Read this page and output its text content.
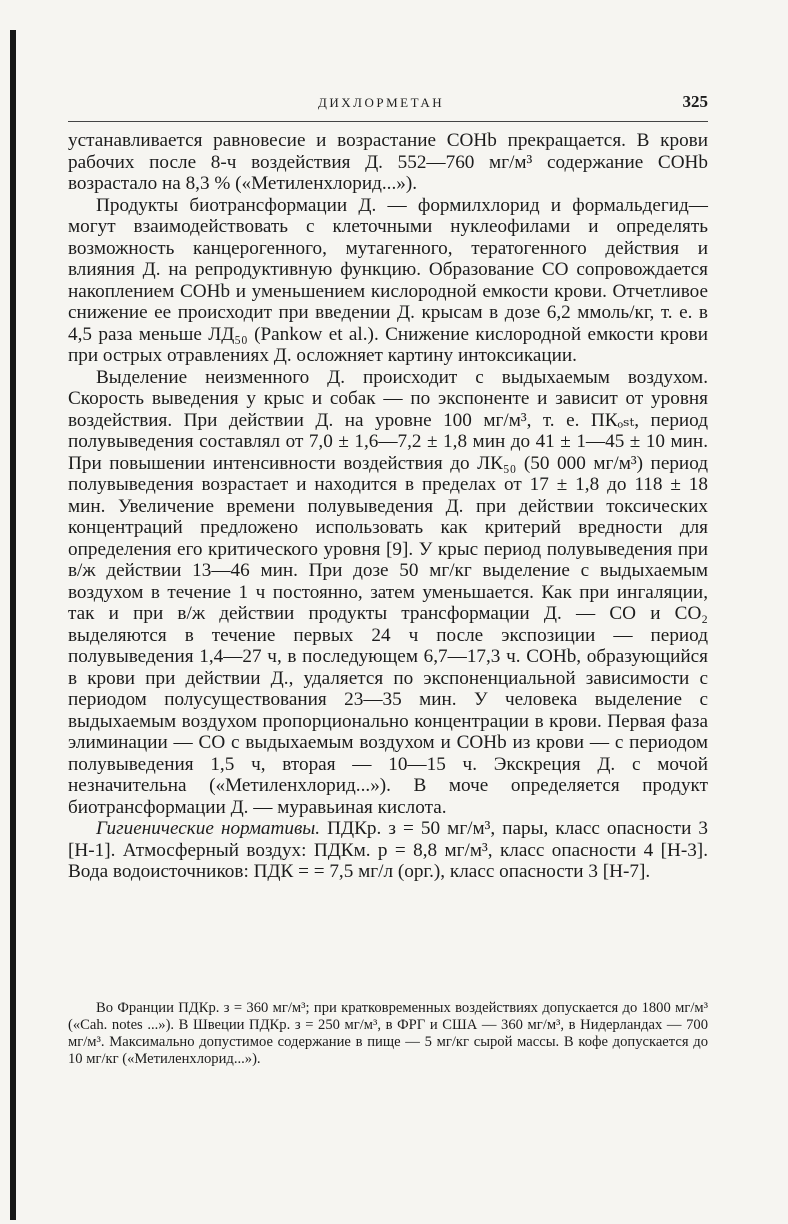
ДИХЛОРМЕТАН	325

устанавливается равновесие и возрастание COHb прекращается. В крови рабочих после 8-ч воздействия Д. 552—760 мг/м³ содержание COHb возрастало на 8,3 % («Метиленхлорид...»).

Продукты биотрансформации Д. — формилхлорид и формальдегид—могут взаимодействовать с клеточными нуклеофилами и определять возможность канцерогенного, мутагенного, тератогенного действия и влияния Д. на репродуктивную функцию. Образование CO сопровождается накоплением COHb и уменьшением кислородной емкости крови. Отчетливое снижение ее происходит при введении Д. крысам в дозе 6,2 ммоль/кг, т. е. в 4,5 раза меньше ЛД₅₀ (Pankow et al.). Снижение кислородной емкости крови при острых отравлениях Д. осложняет картину интоксикации.

Выделение неизменного Д. происходит с выдыхаемым воздухом. Скорость выведения у крыс и собак — по экспоненте и зависит от уровня воздействия. При действии Д. на уровне 100 мг/м³, т. е. ПКₒₛₜ, период полувыведения составлял от 7,0 ± 1,6—7,2 ± 1,8 мин до 41 ± 1—45 ± 10 мин. При повышении интенсивности воздействия до ЛК₅₀ (50 000 мг/м³) период полувыведения возрастает и находится в пределах от 17 ± 1,8 до 118 ± 18 мин. Увеличение времени полувыведения Д. при действии токсических концентраций предложено использовать как критерий вредности для определения его критического уровня [9]. У крыс период полувыведения при в/ж действии 13—46 мин. При дозе 50 мг/кг выделение с выдыхаемым воздухом в течение 1 ч постоянно, затем уменьшается. Как при ингаляции, так и при в/ж действии продукты трансформации Д. — CO и CO₂ выделяются в течение первых 24 ч после экспозиции — период полувыведения 1,4—27 ч, в последующем 6,7—17,3 ч. COHb, образующийся в крови при действии Д., удаляется по экспоненциальной зависимости с периодом полусуществования 23—35 мин. У человека выделение с выдыхаемым воздухом пропорционально концентрации в крови. Первая фаза элиминации — CO с выдыхаемым воздухом и COHb из крови — с периодом полувыведения 1,5 ч, вторая — 10—15 ч. Экскреция Д. с мочой незначительна («Метиленхлорид...»). В моче определяется продукт биотрансформации Д. — муравьиная кислота.

Гигиенические нормативы. ПДКр. з = 50 мг/м³, пары, класс опасности 3 [Н-1]. Атмосферный воздух: ПДКм. р = 8,8 мг/м³, класс опасности 4 [Н-3]. Вода водоисточников: ПДК = = 7,5 мг/л (орг.), класс опасности 3 [Н-7].

Во Франции ПДКр. з = 360 мг/м³; при кратковременных воздействиях допускается до 1800 мг/м³ («Cah. notes ...»). В Швеции ПДКр. з = 250 мг/м³, в ФРГ и США — 360 мг/м³, в Нидерландах — 700 мг/м³. Максимально допустимое содержание в пище — 5 мг/кг сырой массы. В кофе допускается до 10 мг/кг («Метиленхлорид...»).
